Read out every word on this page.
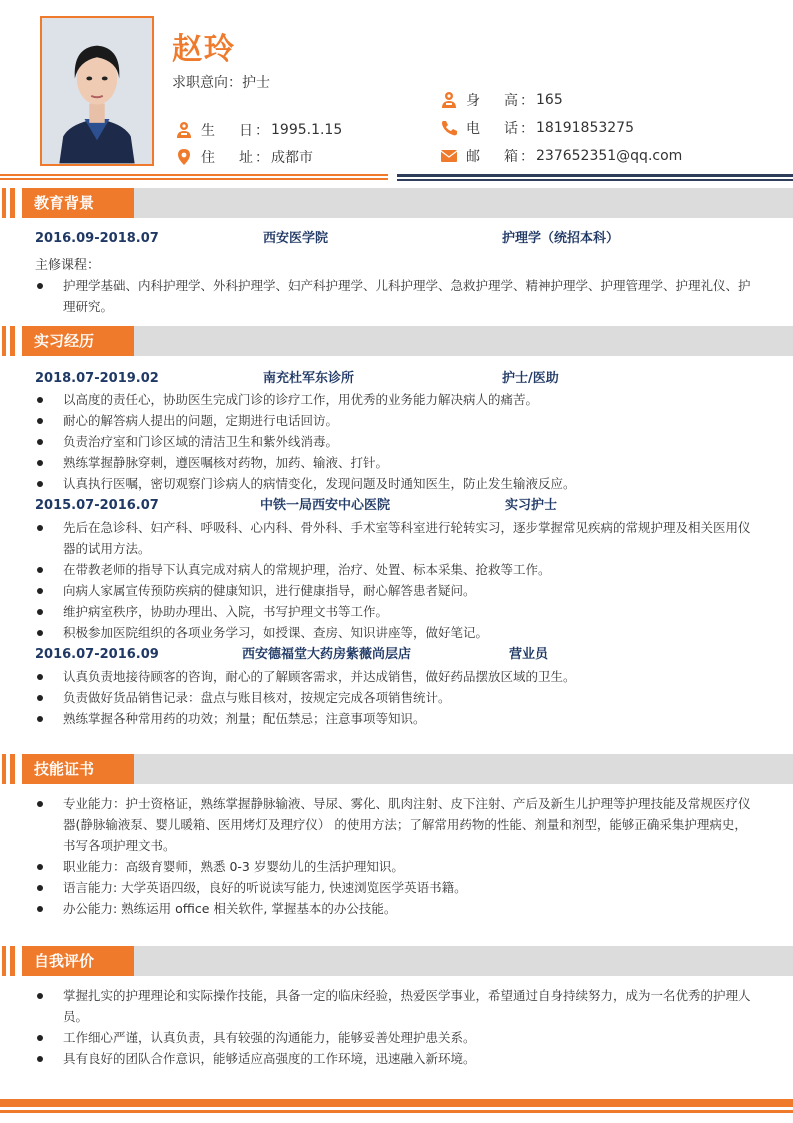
赵玲
求职意向：护士
生日 ： 1995.1.15
住址 ： 成都市
身高 ： 165
电话 ： 18191853275
邮箱 ： 237652351@qq.com
教育背景
2016.09-2018.07	西安医学院	护理学（统招本科）
主修课程：
护理学基础、内科护理学、外科护理学、妇产科护理学、儿科护理学、急救护理学、精神护理学、护理管理学、护理礼仪、护理研究。
实习经历
2018.07-2019.02	南充杜军东诊所	护士/医助
以高度的责任心，协助医生完成门诊的诊疗工作，用优秀的业务能力解决病人的痛苦。
耐心的解答病人提出的问题，定期进行电话回访。
负责治疗室和门诊区域的清洁卫生和紫外线消毒。
熟练掌握静脉穿刺，遵医嘱核对药物，加药、输液、打针。
认真执行医嘱，密切观察门诊病人的病情变化，发现问题及时通知医生，防止发生输液反应。
2015.07-2016.07	中铁一局西安中心医院	实习护士
先后在急诊科、妇产科、呼吸科、心内科、骨外科、手术室等科室进行轮转实习，逐步掌握常见疾病的常规护理及相关医用仪器的试用方法。
在带教老师的指导下认真完成对病人的常规护理，治疗、处置、标本采集、抢救等工作。
向病人家属宣传预防疾病的健康知识，进行健康指导，耐心解答患者疑问。
维护病室秩序，协助办理出、入院，书写护理文书等工作。
积极参加医院组织的各项业务学习，如授课、查房、知识讲座等，做好笔记。
2016.07-2016.09	西安德福堂大药房紫薇尚层店	营业员
认真负责地接待顾客的咨询，耐心的了解顾客需求，并达成销售，做好药品摆放区域的卫生。
负责做好货品销售记录：盘点与账目核对，按规定完成各项销售统计。
熟练掌握各种常用药的功效；剂量；配伍禁忌；注意事项等知识。
技能证书
专业能力：护士资格证，熟练掌握静脉输液、导尿、雾化、肌肉注射、皮下注射、产后及新生儿护理等护理技能及常规医疗仪器(静脉输液泵、婴儿暖箱、医用烤灯及理疗仪） 的使用方法；了解常用药物的性能、剂量和剂型，能够正确采集护理病史，书写各项护理文书。
职业能力：高级育婴师，熟悉 0-3 岁婴幼儿的生活护理知识。
语言能力: 大学英语四级，良好的听说读写能力, 快速浏览医学英语书籍。
办公能力: 熟练运用 office 相关软件, 掌握基本的办公技能。
自我评价
掌握扎实的护理理论和实际操作技能，具备一定的临床经验，热爱医学事业，希望通过自身持续努力，成为一名优秀的护理人员。
工作细心严谨，认真负责，具有较强的沟通能力，能够妥善处理护患关系。
具有良好的团队合作意识，能够适应高强度的工作环境，迅速融入新环境。
